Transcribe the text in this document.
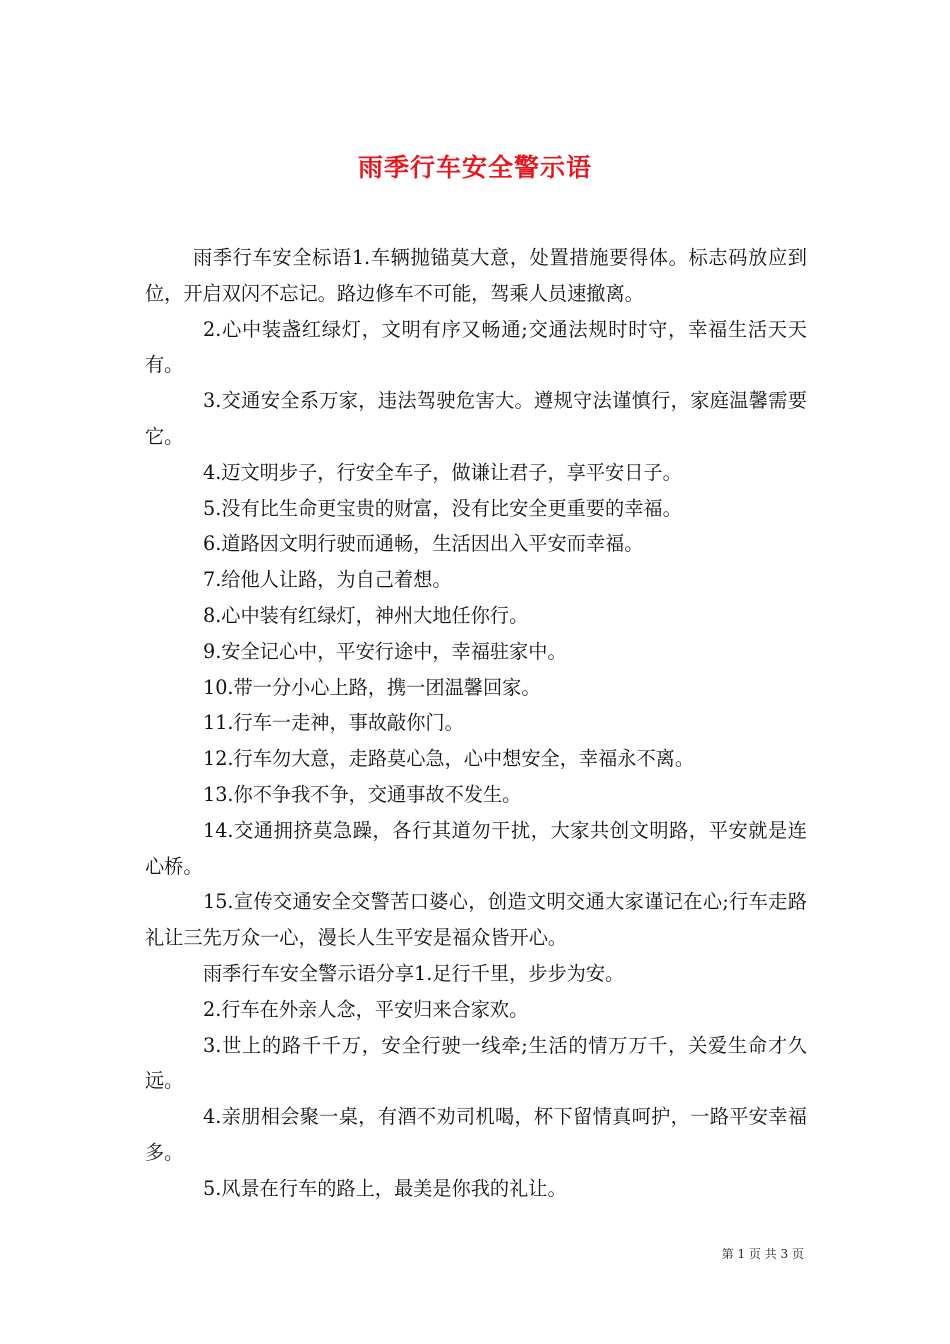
雨季行车安全警示语

雨季行车安全标语1.车辆抛锚莫大意，处置措施要得体。标志码放应到位，开启双闪不忘记。路边修车不可能，驾乘人员速撤离。

2.心中装盏红绿灯，文明有序又畅通;交通法规时时守，幸福生活天天有。

3.交通安全系万家，违法驾驶危害大。遵规守法谨慎行，家庭温馨需要它。

4.迈文明步子，行安全车子，做谦让君子，享平安日子。

5.没有比生命更宝贵的财富，没有比安全更重要的幸福。

6.道路因文明行驶而通畅，生活因出入平安而幸福。

7.给他人让路，为自己着想。

8.心中装有红绿灯，神州大地任你行。

9.安全记心中，平安行途中，幸福驻家中。

10.带一分小心上路，携一团温馨回家。

11.行车一走神，事故敲你门。

12.行车勿大意，走路莫心急，心中想安全，幸福永不离。

13.你不争我不争，交通事故不发生。

14.交通拥挤莫急躁，各行其道勿干扰，大家共创文明路，平安就是连心桥。

15.宣传交通安全交警苦口婆心，创造文明交通大家谨记在心;行车走路礼让三先万众一心，漫长人生平安是福众皆开心。

雨季行车安全警示语分享1.足行千里，步步为安。

2.行车在外亲人念，平安归来合家欢。

3.世上的路千千万，安全行驶一线牵;生活的情万万千，关爱生命才久远。

4.亲朋相会聚一桌，有酒不劝司机喝，杯下留情真呵护，一路平安幸福多。

5.风景在行车的路上，最美是你我的礼让。

第 1 页 共 3 页
